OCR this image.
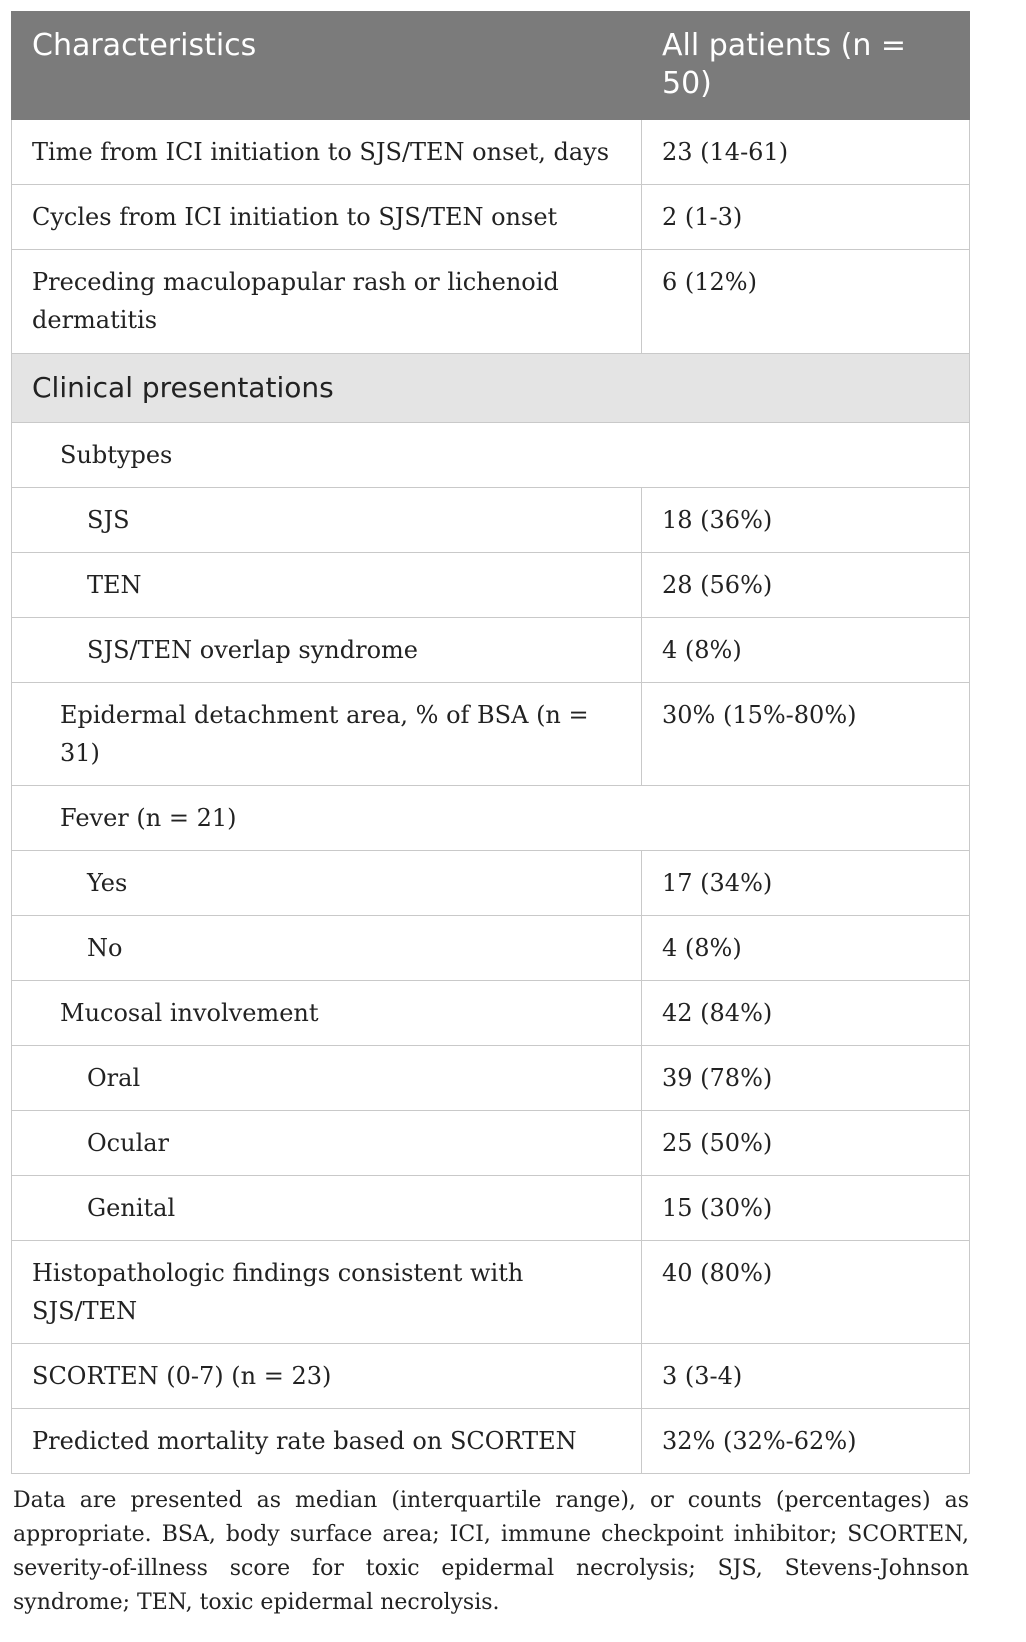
Characteristics	All patients (n = 50)
Time from ICI initiation to SJS/TEN onset, days	23 (14-61)
Cycles from ICI initiation to SJS/TEN onset	2 (1-3)
Preceding maculopapular rash or lichenoid dermatitis	6 (12%)
Clinical presentations	
Subtypes	
SJS	18 (36%)
TEN	28 (56%)
SJS/TEN overlap syndrome	4 (8%)
Epidermal detachment area, % of BSA (n = 31)	30% (15%-80%)
Fever (n = 21)	
Yes	17 (34%)
No	4 (8%)
Mucosal involvement	42 (84%)
Oral	39 (78%)
Ocular	25 (50%)
Genital	15 (30%)
Histopathologic findings consistent with SJS/TEN	40 (80%)
SCORTEN (0-7) (n = 23)	3 (3-4)
Predicted mortality rate based on SCORTEN	32% (32%-62%)

Data are presented as median (interquartile range), or counts (percentages) as appropriate. BSA, body surface area; ICI, immune checkpoint inhibitor; SCORTEN, severity-of-illness score for toxic epidermal necrolysis; SJS, Stevens-Johnson syndrome; TEN, toxic epidermal necrolysis.
